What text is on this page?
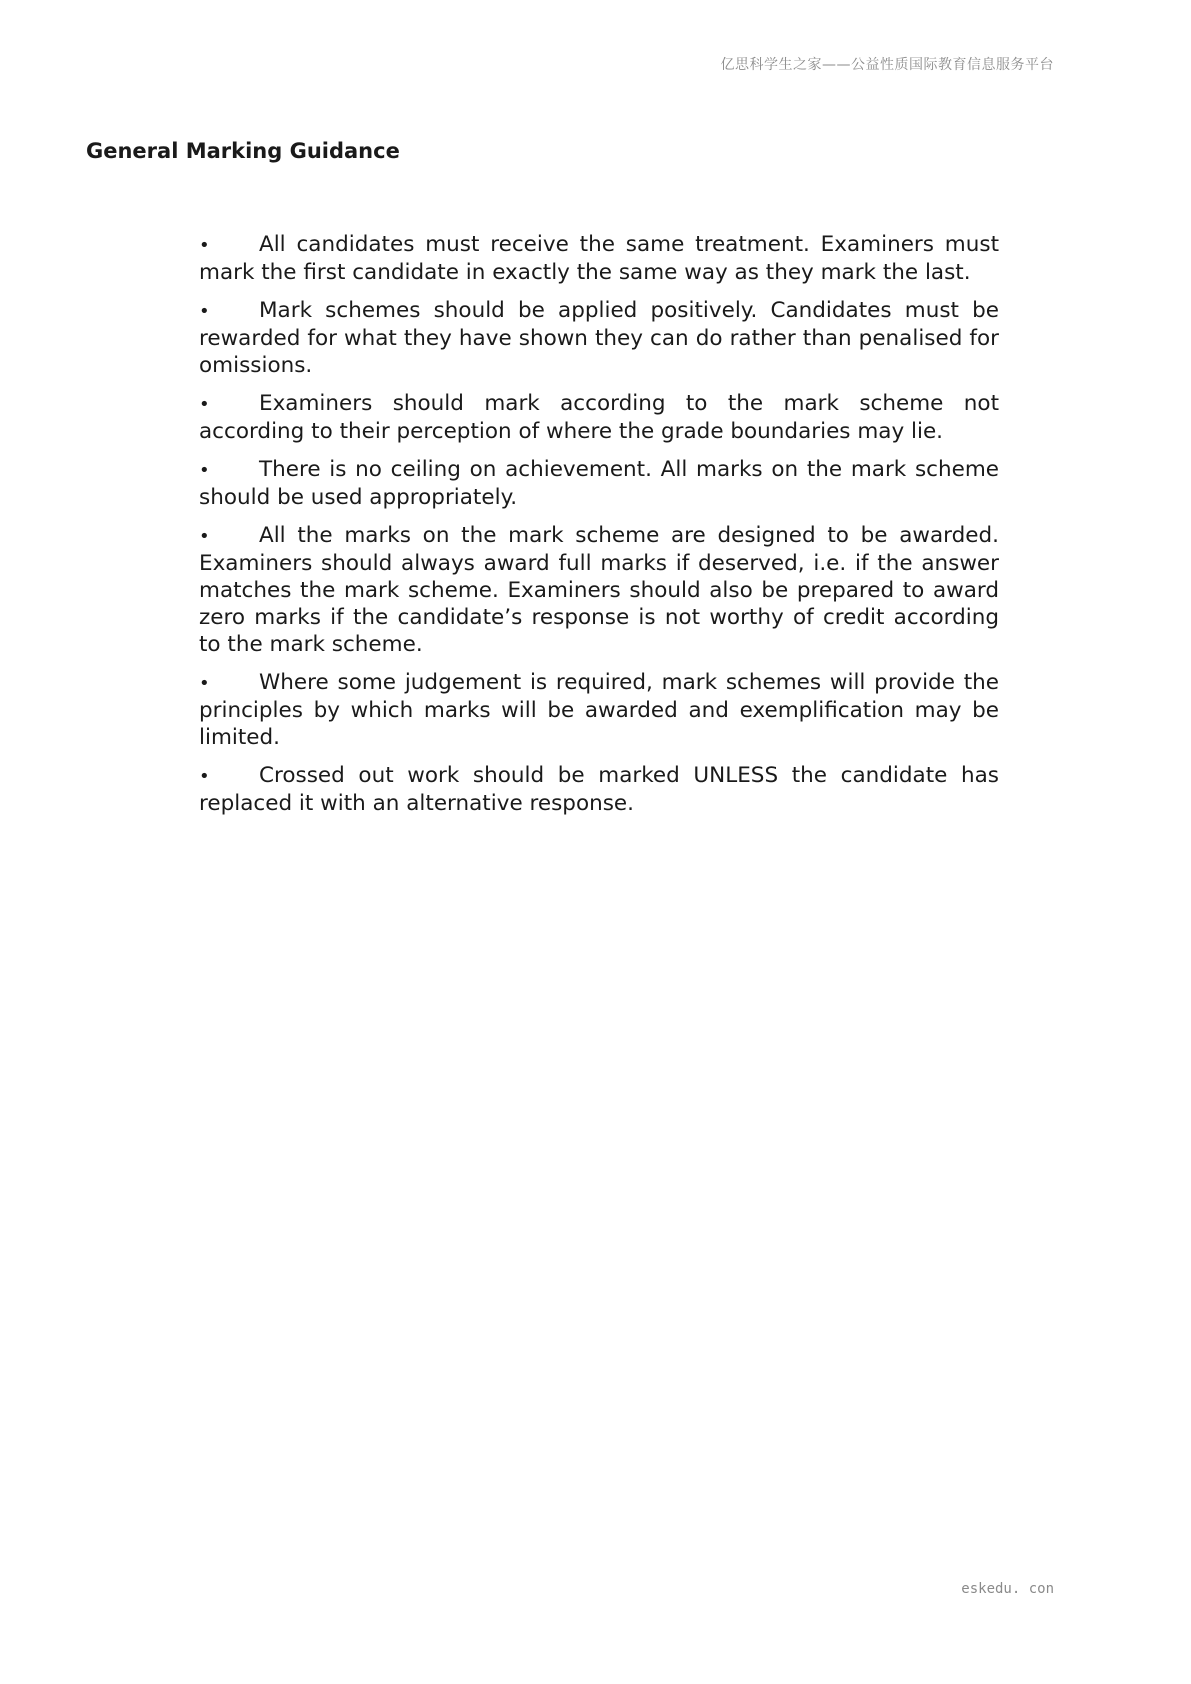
亿思科学生之家——公益性质国际教育信息服务平台
General Marking Guidance
• All candidates must receive the same treatment. Examiners must mark the first candidate in exactly the same way as they mark the last.
• Mark schemes should be applied positively. Candidates must be rewarded for what they have shown they can do rather than penalised for omissions.
• Examiners should mark according to the mark scheme not according to their perception of where the grade boundaries may lie.
• There is no ceiling on achievement. All marks on the mark scheme should be used appropriately.
• All the marks on the mark scheme are designed to be awarded. Examiners should always award full marks if deserved, i.e. if the answer matches the mark scheme. Examiners should also be prepared to award zero marks if the candidate’s response is not worthy of credit according to the mark scheme.
• Where some judgement is required, mark schemes will provide the principles by which marks will be awarded and exemplification may be limited.
• Crossed out work should be marked UNLESS the candidate has replaced it with an alternative response.
eskedu. con
